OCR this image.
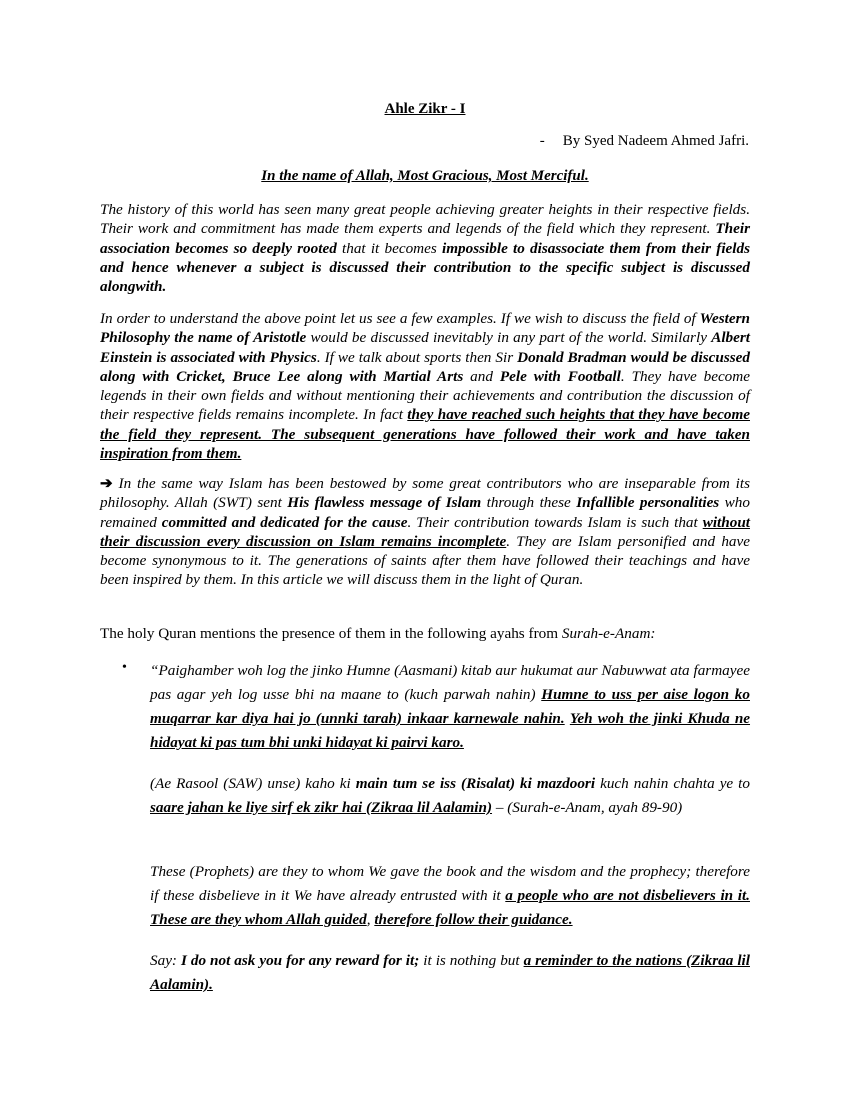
Ahle Zikr - I
- By Syed Nadeem Ahmed Jafri.
In the name of Allah, Most Gracious, Most Merciful.

The history of this world has seen many great people achieving greater heights in their respective fields. Their work and commitment has made them experts and legends of the field which they represent. Their association becomes so deeply rooted that it becomes impossible to disassociate them from their fields and hence whenever a subject is discussed their contribution to the specific subject is discussed alongwith.

In order to understand the above point let us see a few examples. If we wish to discuss the field of Western Philosophy the name of Aristotle would be discussed inevitably in any part of the world. Similarly Albert Einstein is associated with Physics. If we talk about sports then Sir Donald Bradman would be discussed along with Cricket, Bruce Lee along with Martial Arts and Pele with Football. They have become legends in their own fields and without mentioning their achievements and contribution the discussion of their respective fields remains incomplete. In fact they have reached such heights that they have become the field they represent. The subsequent generations have followed their work and have taken inspiration from them.

➔ In the same way Islam has been bestowed by some great contributors who are inseparable from its philosophy. Allah (SWT) sent His flawless message of Islam through these Infallible personalities who remained committed and dedicated for the cause. Their contribution towards Islam is such that without their discussion every discussion on Islam remains incomplete. They are Islam personified and have become synonymous to it. The generations of saints after them have followed their teachings and have been inspired by them. In this article we will discuss them in the light of Quran.

The holy Quran mentions the presence of them in the following ayahs from Surah-e-Anam:

• “Paighamber woh log the jinko Humne (Aasmani) kitab aur hukumat aur Nabuwwat ata farmayee pas agar yeh log usse bhi na maane to (kuch parwah nahin) Humne to uss per aise logon ko muqarrar kar diya hai jo (unnki tarah) inkaar karnewale nahin. Yeh woh the jinki Khuda ne hidayat ki pas tum bhi unki hidayat ki pairvi karo.

(Ae Rasool (SAW) unse) kaho ki main tum se iss (Risalat) ki mazdoori kuch nahin chahta ye to saare jahan ke liye sirf ek zikr hai (Zikraa lil Aalamin) – (Surah-e-Anam, ayah 89-90)

These (Prophets) are they to whom We gave the book and the wisdom and the prophecy; therefore if these disbelieve in it We have already entrusted with it a people who are not disbelievers in it. These are they whom Allah guided, therefore follow their guidance.

Say: I do not ask you for any reward for it; it is nothing but a reminder to the nations (Zikraa lil Aalamin).
